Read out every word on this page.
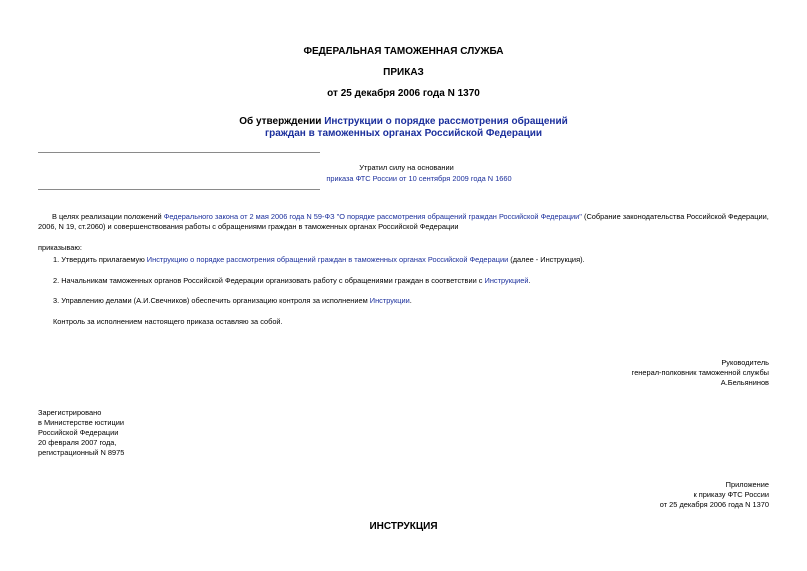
ФЕДЕРАЛЬНАЯ ТАМОЖЕННАЯ СЛУЖБА
ПРИКАЗ
от 25 декабря 2006 года N 1370
Об утверждении Инструкции о порядке рассмотрения обращений
граждан в таможенных органах Российской Федерации
Утратил силу на основании
приказа ФТС России от 10 сентября 2009 года N 1660
В целях реализации положений Федерального закона от 2 мая 2006 года N 59-ФЗ "О порядке рассмотрения обращений граждан Российской Федерации" (Собрание законодательства Российской Федерации,
2006, N 19, ст.2060) и совершенствования работы с обращениями граждан в таможенных органах Российской Федерации
приказываю:
1. Утвердить прилагаемую Инструкцию о порядке рассмотрения обращений граждан в таможенных органах Российской Федерации (далее - Инструкция).
2. Начальникам таможенных органов Российской Федерации организовать работу с обращениями граждан в соответствии с Инструкцией.
3. Управлению делами (А.И.Свечников) обеспечить организацию контроля за исполнением Инструкции.
Контроль за исполнением настоящего приказа оставляю за собой.
Руководитель
генерал-полковник таможенной службы
А.Бельянинов
Зарегистрировано
в Министерстве юстиции
Российской Федерации
20 февраля 2007 года,
регистрационный N 8975
Приложение
к приказу ФТС России
от 25 декабря 2006 года N 1370
ИНСТРУКЦИЯ
